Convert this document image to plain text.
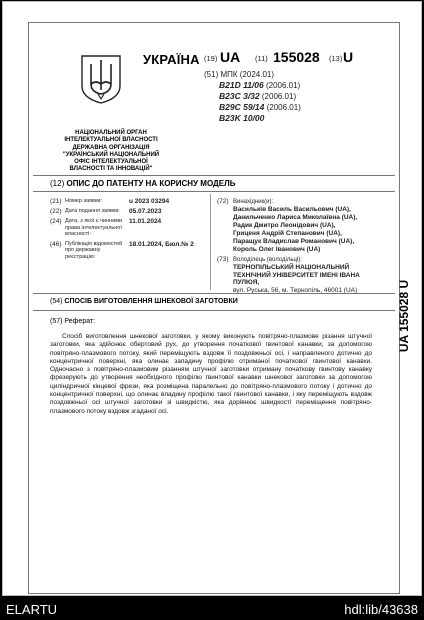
УКРАЇНА (19) UA (11) 155028 (13) U
(51) МПК (2024.01)
B21D 11/06 (2006.01)
B23C 3/32 (2006.01)
B29C 59/14 (2006.01)
B23K 10/00
НАЦІОНАЛЬНИЙ ОРГАН
ІНТЕЛЕКТУАЛЬНОЇ ВЛАСНОСТІ
ДЕРЖАВНА ОРГАНІЗАЦІЯ
"УКРАЇНСЬКИЙ НАЦІОНАЛЬНИЙ
ОФІС ІНТЕЛЕКТУАЛЬНОЇ
ВЛАСНОСТІ ТА ІННОВАЦІЙ"
(12) ОПИС ДО ПАТЕНТУ НА КОРИСНУ МОДЕЛЬ
(21) Номер заявки:	u 2023 03294
(22) Дата подання заявки:	05.07.2023
(24) Дата, з якої є чинними права інтелектуальної власності:
11.01.2024
(46) Публікація відомостей про державну реєстрацію:
18.01.2024, Бюл.№ 2
(72) Винахідник(и):
Васильків Василь Васильович (UA),
Данильченко Лариса Миколаївна (UA),
Радик Дмитро Леонідович (UA),
Гриценя Андрій Степанович (UA),
Паращук Владислав Романович (UA),
Король Олег Іванович (UA)
(73) Володілець (володільці):
ТЕРНОПІЛЬСЬКИЙ НАЦІОНАЛЬНИЙ ТЕХНІЧНИЙ УНІВЕРСИТЕТ ІМЕНІ ІВАНА ПУЛЮЯ,
вул. Руська, 56, м. Тернопіль, 46001 (UA)
(54) СПОСІБ ВИГОТОВЛЕННЯ ШНЕКОВОЇ ЗАГОТОВКИ
(57) Реферат:
Спосіб виготовлення шнекової заготовки, у якому виконують повітряно-плазмове різання штучної заготовки, яка здійснює обертовий рух, до утворення початкової гвинтової канавки, за допомогою повітряно-плазмового потоку, який переміщують вздовж її поздовжньої осі, і направленого дотично до концентричної поверхні, яка олинає западину профілю отриманої початкової гвинтової канавки. Одночасно з повітряно-плазмовим різанням штучної заготовки отриману початкову гвинтову канавку фрезерують до утворення необхідного профілю гвинтової канавки шнекової заготовки за допомогою циліндричної кінцевої фрези, яка розміщена паралельно до повітряно-плазмового потоку і дотично до концентричної поверхні, що олинає впадину профілю такої гвинтової канавки, і яку переміщують вздовж поздовжньої осі штучної заготовки зі швидкістю, яка дорівнює швидкості переміщення повітряно-плазмового потоку вздовж згаданої осі.
UA 155028 U
ELARTU	hdl:lib/43638
